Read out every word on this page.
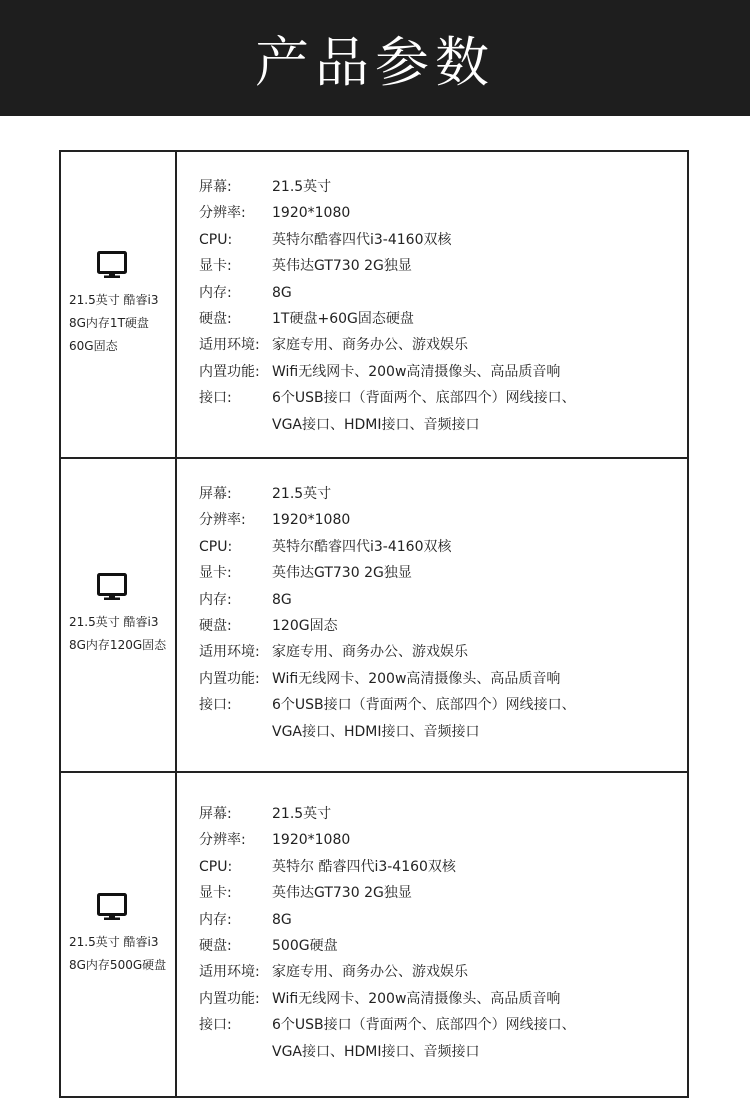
产品参数
21.5英寸 酷睿i3
8G内存1T硬盘
60G固态
屏幕:	21.5英寸
分辨率:	1920*1080
CPU:	英特尔酷睿四代i3-4160双核
显卡:	英伟达GT730 2G独显
内存:	8G
硬盘:	1T硬盘+60G固态硬盘
适用环境: 家庭专用、商务办公、游戏娱乐
内置功能: Wifi无线网卡、200w高清摄像头、高品质音响
接口:	6个USB接口（背面两个、底部四个）网线接口、
VGA接口、HDMI接口、音频接口
21.5英寸 酷睿i3
8G内存120G固态
屏幕:	21.5英寸
分辨率:	1920*1080
CPU:	英特尔酷睿四代i3-4160双核
显卡:	英伟达GT730 2G独显
内存:	8G
硬盘:	120G固态
适用环境: 家庭专用、商务办公、游戏娱乐
内置功能: Wifi无线网卡、200w高清摄像头、高品质音响
接口:	6个USB接口（背面两个、底部四个）网线接口、
VGA接口、HDMI接口、音频接口
21.5英寸 酷睿i3
8G内存500G硬盘
屏幕:	21.5英寸
分辨率:	1920*1080
CPU:	英特尔 酷睿四代i3-4160双核
显卡:	英伟达GT730 2G独显
内存:	8G
硬盘:	500G硬盘
适用环境: 家庭专用、商务办公、游戏娱乐
内置功能: Wifi无线网卡、200w高清摄像头、高品质音响
接口:	6个USB接口（背面两个、底部四个）网线接口、
VGA接口、HDMI接口、音频接口
